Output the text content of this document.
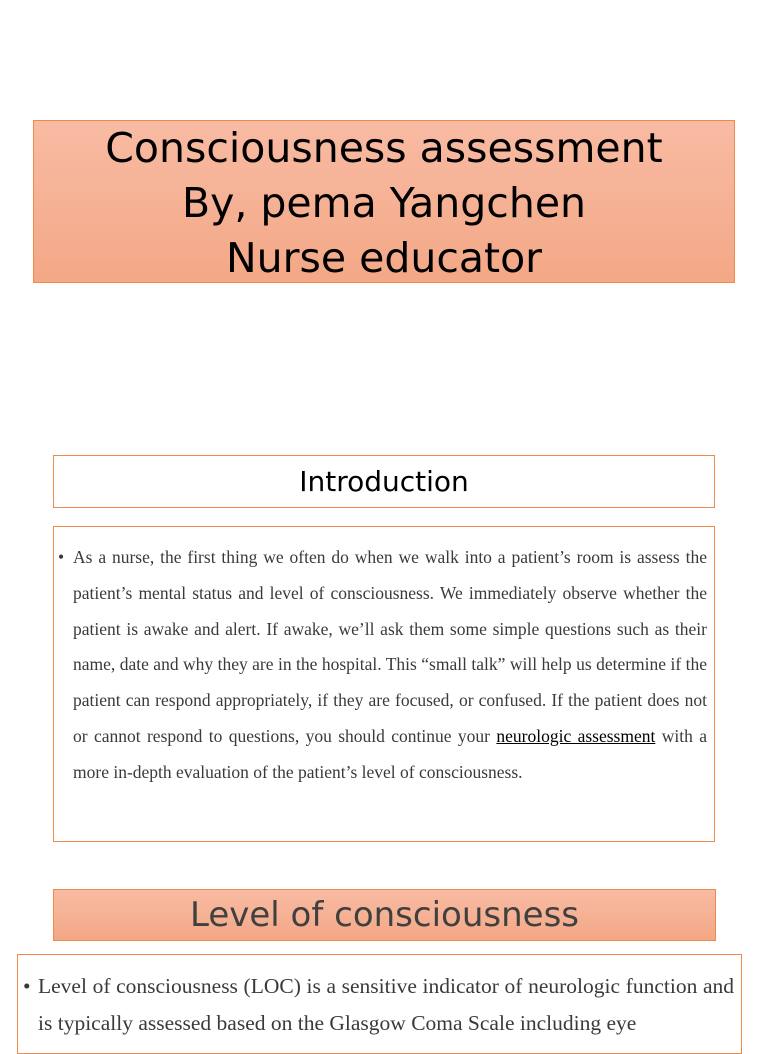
Consciousness assessment
By, pema Yangchen
Nurse educator
Introduction

• As a nurse, the first thing we often do when we walk into a patient’s room is assess the patient’s mental status and level of consciousness. We immediately observe whether the patient is awake and alert. If awake, we’ll ask them some simple questions such as their name, date and why they are in the hospital. This “small talk” will help us determine if the patient can respond appropriately, if they are focused, or confused. If the patient does not or cannot respond to questions, you should continue your neurologic assessment with a more in-depth evaluation of the patient’s level of consciousness.

Level of consciousness

• Level of consciousness (LOC) is a sensitive indicator of neurologic function and is typically assessed based on the Glasgow Coma Scale including eye
